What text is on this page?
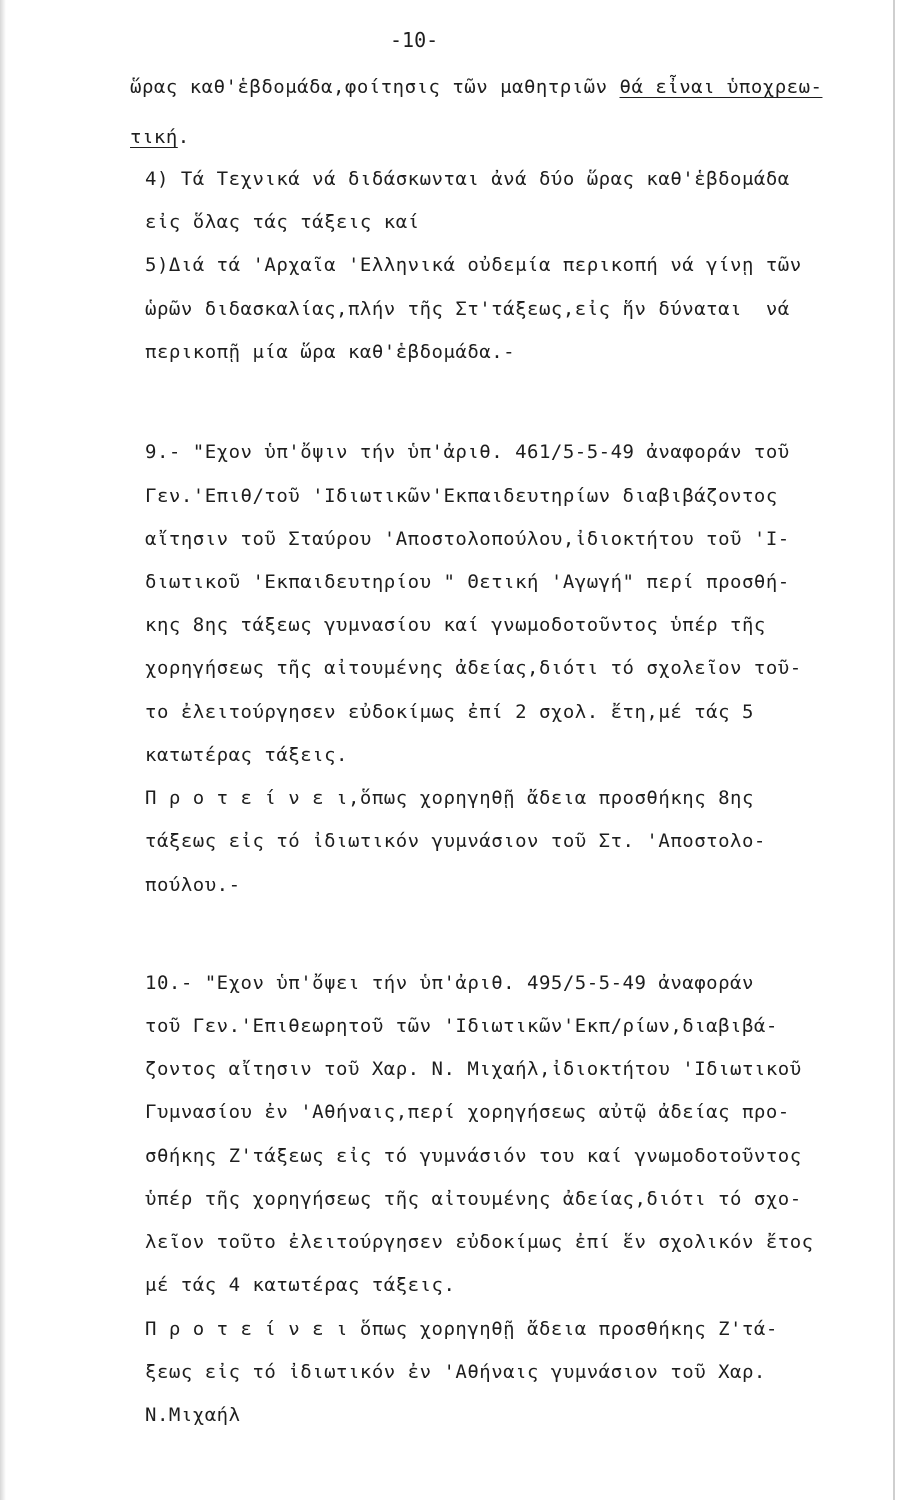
-10-
ὥρας καθ'ἑβδομάδα,φοίτησις τῶν μαθητριῶν θά εἶναι ὑποχρεω-
τική.
4) Τά Τεχνικά νά διδάσκωνται ἀνά δύο ὥρας καθ'ἑβδομάδα
εἰς ὅλας τάς τάξεις καί
5)Διά τά 'Αρχαῖα 'Ελληνικά οὐδεμία περικοπή νά γίνῃ τῶν
ὡρῶν διδασκαλίας,πλήν τῆς Στ'τάξεως,εἰς ἥν δύναται  νά
περικοπῇ μία ὥρα καθ'ἑβδομάδα.-
9.- "Εχον ὑπ'ὄψιν τήν ὑπ'ἀριθ. 461/5-5-49 ἀναφοράν τοῦ
Γεν.'Επιθ/τοῦ 'Ιδιωτικῶν'Εκπαιδευτηρίων διαβιβάζοντος
αἴτησιν τοῦ Σταύρου 'Αποστολοπούλου,ἰδιοκτήτου τοῦ 'Ι-
διωτικοῦ 'Εκπαιδευτηρίου " Θετική 'Αγωγή" περί προσθή-
κης 8ης τάξεως γυμνασίου καί γνωμοδοτοῦντος ὑπέρ τῆς
χορηγήσεως τῆς αἰτουμένης ἀδείας,διότι τό σχολεῖον τοῦ-
το ἐλειτούργησεν εὐδοκίμως ἐπί 2 σχολ. ἔτη,μέ τάς 5
κατωτέρας τάξεις.
Π ρ ο τ ε ί ν ε ι,ὅπως χορηγηθῇ ἄδεια προσθήκης 8ης
τάξεως εἰς τό ἰδιωτικόν γυμνάσιον τοῦ Στ. 'Αποστολο-
πούλου.-
10.- "Εχον ὑπ'ὄψει τήν ὑπ'ἀριθ. 495/5-5-49 ἀναφοράν
τοῦ Γεν.'Επιθεωρητοῦ τῶν 'Ιδιωτικῶν'Εκπ/ρίων,διαβιβά-
ζοντος αἴτησιν τοῦ Χαρ. Ν. Μιχαήλ,ἰδιοκτήτου 'Ιδιωτικοῦ
Γυμνασίου ἐν 'Αθήναις,περί χορηγήσεως αὐτῷ ἀδείας προ-
σθήκης Ζ'τάξεως εἰς τό γυμνάσιόν του καί γνωμοδοτοῦντος
ὑπέρ τῆς χορηγήσεως τῆς αἰτουμένης ἀδείας,διότι τό σχο-
λεῖον τοῦτο ἐλειτούργησεν εὐδοκίμως ἐπί ἕν σχολικόν ἔτος
μέ τάς 4 κατωτέρας τάξεις.
Π ρ ο τ ε ί ν ε ι ὅπως χορηγηθῇ ἄδεια προσθήκης Ζ'τά-
ξεως εἰς τό ἰδιωτικόν ἐν 'Αθήναις γυμνάσιον τοῦ Χαρ.
Ν.Μιχαήλ
